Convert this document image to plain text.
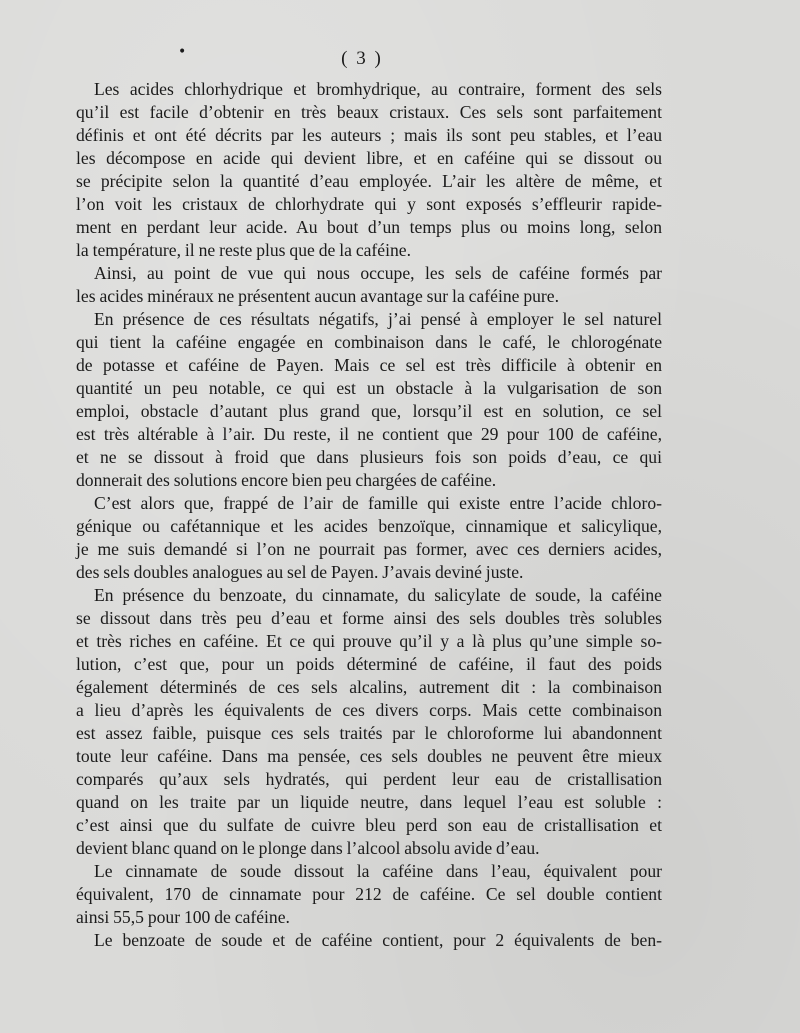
•	( 3 )
Les acides chlorhydrique et bromhydrique, au contraire, forment des sels
qu’il est facile d’obtenir en très beaux cristaux. Ces sels sont parfaitement
définis et ont été décrits par les auteurs ; mais ils sont peu stables, et l’eau
les décompose en acide qui devient libre, et en caféine qui se dissout ou
se précipite selon la quantité d’eau employée. L’air les altère de même, et
l’on voit les cristaux de chlorhydrate qui y sont exposés s’effleurir rapide-
ment en perdant leur acide. Au bout d’un temps plus ou moins long, selon
la température, il ne reste plus que de la caféine.
Ainsi, au point de vue qui nous occupe, les sels de caféine formés par
les acides minéraux ne présentent aucun avantage sur la caféine pure.
En présence de ces résultats négatifs, j’ai pensé à employer le sel naturel
qui tient la caféine engagée en combinaison dans le café, le chlorogénate
de potasse et caféine de Payen. Mais ce sel est très difficile à obtenir en
quantité un peu notable, ce qui est un obstacle à la vulgarisation de son
emploi, obstacle d’autant plus grand que, lorsqu’il est en solution, ce sel
est très altérable à l’air. Du reste, il ne contient que 29 pour 100 de caféine,
et ne se dissout à froid que dans plusieurs fois son poids d’eau, ce qui
donnerait des solutions encore bien peu chargées de caféine.
C’est alors que, frappé de l’air de famille qui existe entre l’acide chloro-
génique ou cafétannique et les acides benzoïque, cinnamique et salicylique,
je me suis demandé si l’on ne pourrait pas former, avec ces derniers acides,
des sels doubles analogues au sel de Payen. J’avais deviné juste.
En présence du benzoate, du cinnamate, du salicylate de soude, la caféine
se dissout dans très peu d’eau et forme ainsi des sels doubles très solubles
et très riches en caféine. Et ce qui prouve qu’il y a là plus qu’une simple so-
lution, c’est que, pour un poids déterminé de caféine, il faut des poids
également déterminés de ces sels alcalins, autrement dit : la combinaison
a lieu d’après les équivalents de ces divers corps. Mais cette combinaison
est assez faible, puisque ces sels traités par le chloroforme lui abandonnent
toute leur caféine. Dans ma pensée, ces sels doubles ne peuvent être mieux
comparés qu’aux sels hydratés, qui perdent leur eau de cristallisation
quand on les traite par un liquide neutre, dans lequel l’eau est soluble :
c’est ainsi que du sulfate de cuivre bleu perd son eau de cristallisation et
devient blanc quand on le plonge dans l’alcool absolu avide d’eau.
Le cinnamate de soude dissout la caféine dans l’eau, équivalent pour
équivalent, 170 de cinnamate pour 212 de caféine. Ce sel double contient
ainsi 55,5 pour 100 de caféine.
Le benzoate de soude et de caféine contient, pour 2 équivalents de ben-
